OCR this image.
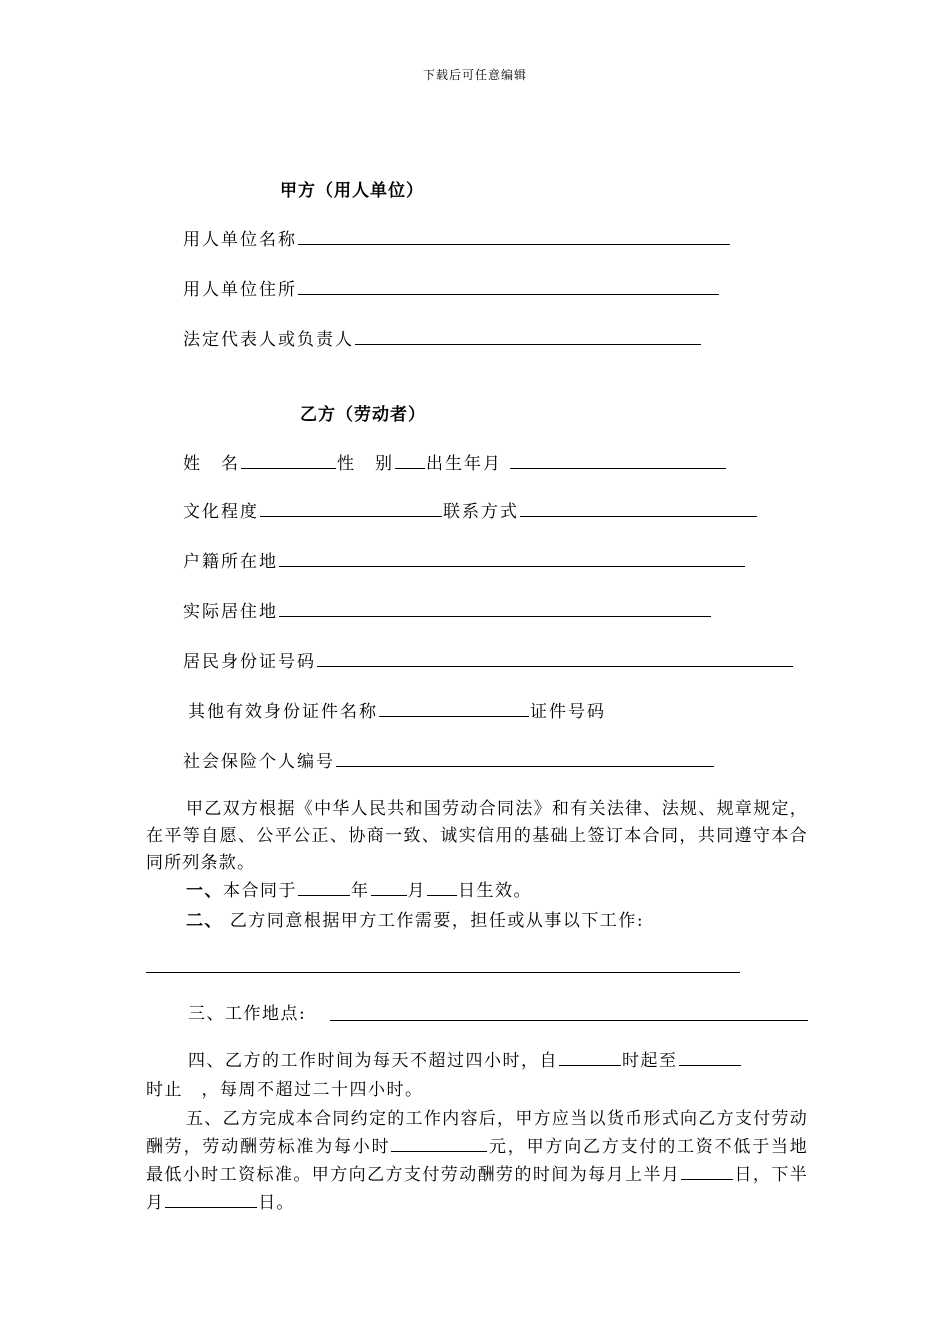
下载后可任意编辑
甲方（用人单位）
用人单位名称
用人单位住所
法定代表人或负责人
乙方（劳动者）
姓　名	性　别 出生年月
文化程度	联系方式
户籍所在地
实际居住地
居民身份证号码
其他有效身份证件名称	证件号码
社会保险个人编号

甲乙双方根据《中华人民共和国劳动合同法》和有关法律、法规、规章规定，在平等自愿、公平公正、协商一致、诚实信用的基础上签订本合同，共同遵守本合同所列条款。

一、本合同于	年 月 日生效。
二、 乙方同意根据甲方工作需要，担任或从事以下工作:
三、工作地点:
四、乙方的工作时间为每天不超过四小时，自	时起至
时止　，每周不超过二十四小时。

五、乙方完成本合同约定的工作内容后，甲方应当以货币形式向乙方支付劳动酬劳，劳动酬劳标准为每小时	元，甲方向乙方支付的工资不低于当地最低小时工资标准。甲方向乙方支付劳动酬劳的时间为每月上半月	日，下半月	日。
